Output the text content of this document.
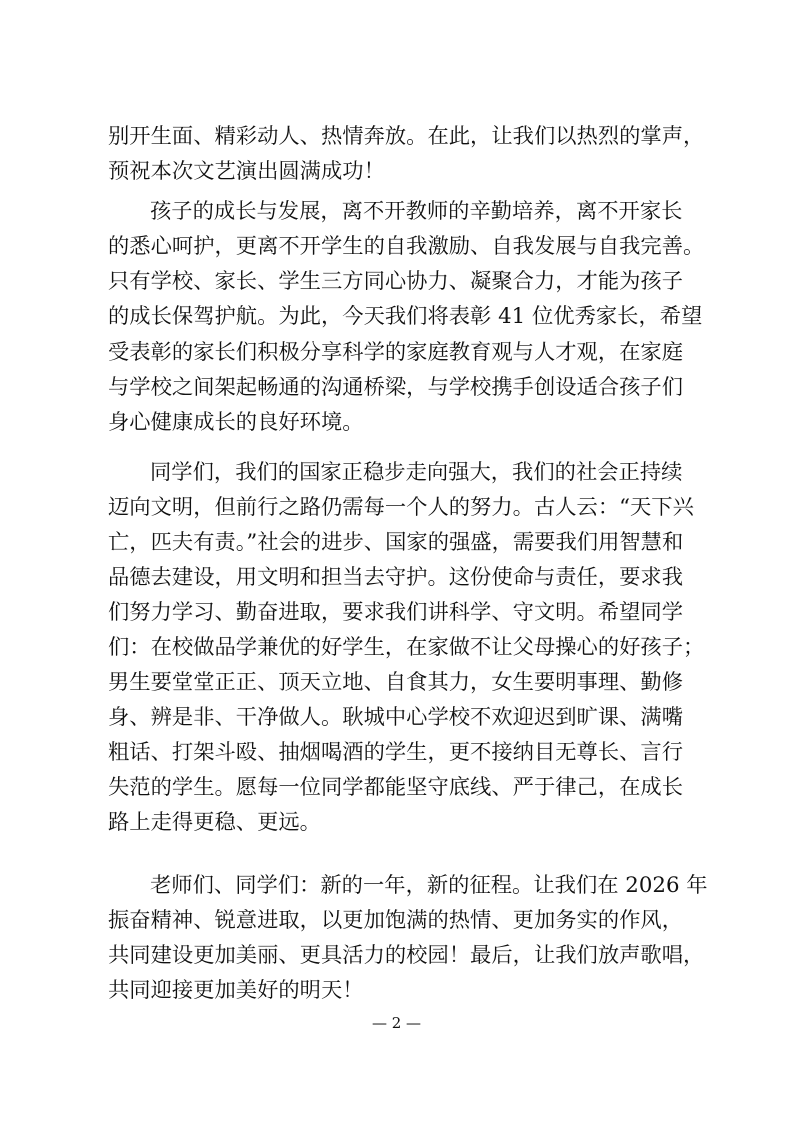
别开生面、精彩动人、热情奔放。在此，让我们以热烈的掌声，
预祝本次文艺演出圆满成功！
孩子的成长与发展，离不开教师的辛勤培养，离不开家长
的悉心呵护，更离不开学生的自我激励、自我发展与自我完善。
只有学校、家长、学生三方同心协力、凝聚合力，才能为孩子
的成长保驾护航。为此，今天我们将表彰 41 位优秀家长，希望
受表彰的家长们积极分享科学的家庭教育观与人才观，在家庭
与学校之间架起畅通的沟通桥梁，与学校携手创设适合孩子们
身心健康成长的良好环境。
同学们，我们的国家正稳步走向强大，我们的社会正持续
迈向文明，但前行之路仍需每一个人的努力。古人云：“天下兴
亡，匹夫有责。”社会的进步、国家的强盛，需要我们用智慧和
品德去建设，用文明和担当去守护。这份使命与责任，要求我
们努力学习、勤奋进取，要求我们讲科学、守文明。希望同学
们：在校做品学兼优的好学生，在家做不让父母操心的好孩子；
男生要堂堂正正、顶天立地、自食其力，女生要明事理、勤修
身、辨是非、干净做人。耿城中心学校不欢迎迟到旷课、满嘴
粗话、打架斗殴、抽烟喝酒的学生，更不接纳目无尊长、言行
失范的学生。愿每一位同学都能坚守底线、严于律己，在成长
路上走得更稳、更远。
老师们、同学们：新的一年，新的征程。让我们在 2026 年
振奋精神、锐意进取，以更加饱满的热情、更加务实的作风，
共同建设更加美丽、更具活力的校园！最后，让我们放声歌唱，
共同迎接更加美好的明天！
— 2 —
